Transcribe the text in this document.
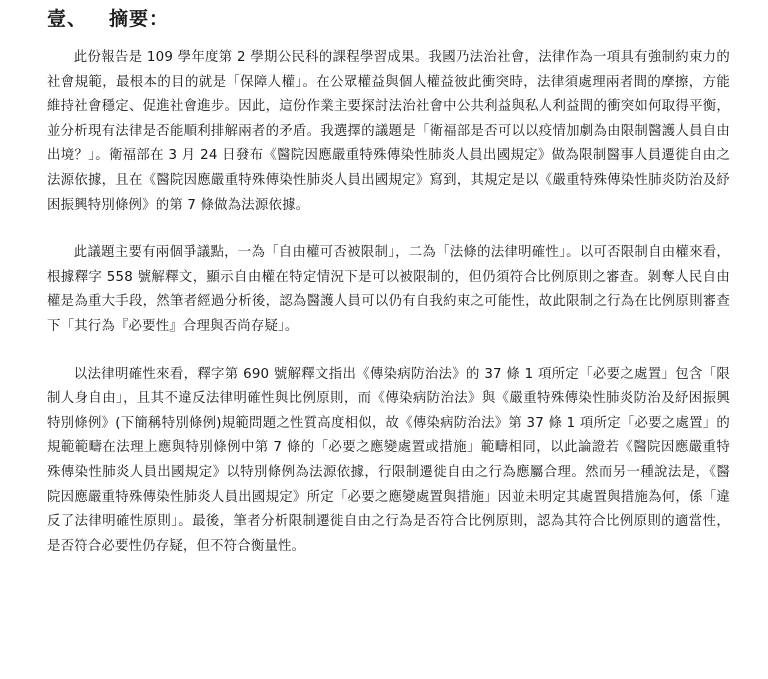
壹、	摘要：

此份報告是 109 學年度第 2 學期公民科的課程學習成果。我國乃法治社會，法律作為一項具有強制約束力的社會規範，最根本的目的就是「保障人權」。在公眾權益與個人權益彼此衝突時，法律須處理兩者間的摩擦，方能維持社會穩定、促進社會進步。因此，這份作業主要探討法治社會中公共利益與私人利益間的衝突如何取得平衡，並分析現有法律是否能順利排解兩者的矛盾。我選擇的議題是「衛福部是否可以以疫情加劇為由限制醫護人員自由出境？」。衛福部在 3 月 24 日發布《醫院因應嚴重特殊傳染性肺炎人員出國規定》做為限制醫事人員遷徙自由之法源依據，且在《醫院因應嚴重特殊傳染性肺炎人員出國規定》寫到，其規定是以《嚴重特殊傳染性肺炎防治及紓困振興特別條例》的第 7 條做為法源依據。

此議題主要有兩個爭議點，一為「自由權可否被限制」，二為「法條的法律明確性」。以可否限制自由權來看，根據釋字 558 號解釋文，顯示自由權在特定情況下是可以被限制的，但仍須符合比例原則之審查。剝奪人民自由權是為重大手段，然筆者經過分析後，認為醫護人員可以仍有自我約束之可能性，故此限制之行為在比例原則審查下「其行為『必要性』合理與否尚存疑」。

以法律明確性來看，釋字第 690 號解釋文指出《傳染病防治法》的 37 條 1 項所定「必要之處置」包含「限制人身自由」，且其不違反法律明確性與比例原則，而《傳染病防治法》與《嚴重特殊傳染性肺炎防治及紓困振興特別條例》(下簡稱特別條例)規範問題之性質高度相似，故《傳染病防治法》第 37 條 1 項所定「必要之處置」的規範範疇在法理上應與特別條例中第 7 條的「必要之應變處置或措施」範疇相同，以此論證若《醫院因應嚴重特殊傳染性肺炎人員出國規定》以特別條例為法源依據，行限制遷徙自由之行為應屬合理。然而另一種說法是，《醫院因應嚴重特殊傳染性肺炎人員出國規定》所定「必要之應變處置與措施」因並未明定其處置與措施為何，係「違反了法律明確性原則」。最後，筆者分析限制遷徙自由之行為是否符合比例原則，認為其符合比例原則的適當性，是否符合必要性仍存疑，但不符合衡量性。
